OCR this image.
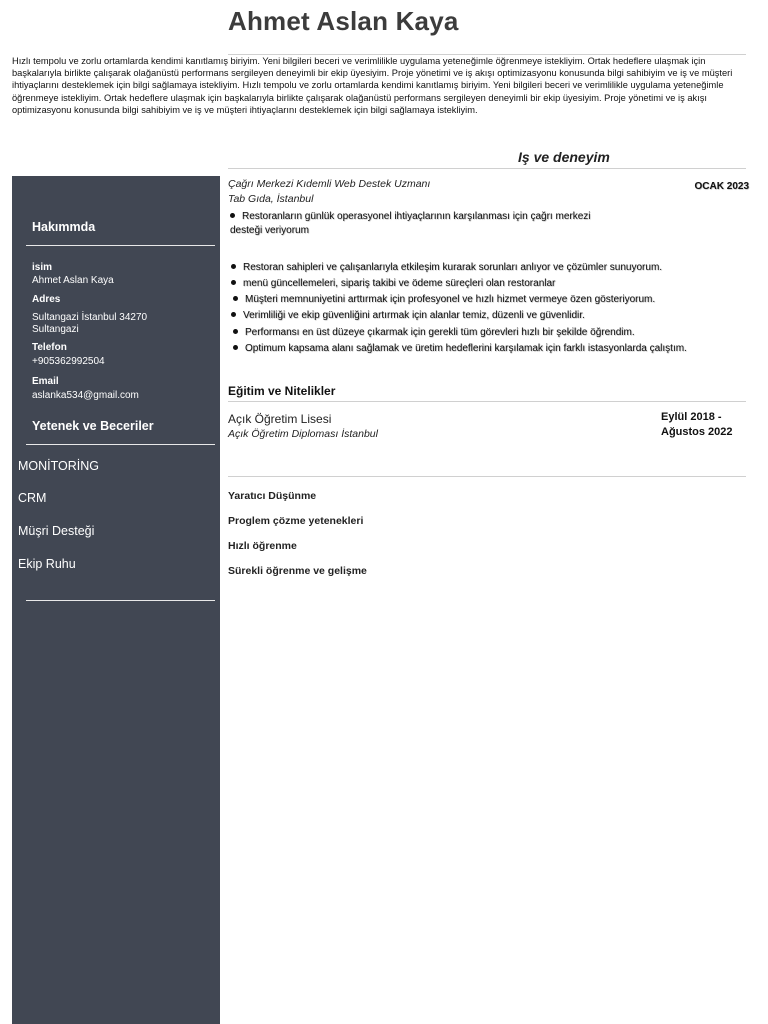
Ahmet Aslan Kaya

Hızlı tempolu ve zorlu ortamlarda kendimi kanıtlamış biriyim. Yeni bilgileri beceri ve verimlilikle uygulama yeteneğimle öğrenmeye istekliyim. Ortak hedeflere ulaşmak için başkalarıyla birlikte çalışarak olağanüstü performans sergileyen deneyimli bir ekip üyesiyim. Proje yönetimi ve iş akışı optimizasyonu konusunda bilgi sahibiyim ve iş ve müşteri ihtiyaçlarını desteklemek için bilgi sağlamaya istekliyim. Hızlı tempolu ve zorlu ortamlarda kendimi kanıtlamış biriyim. Yeni bilgileri beceri ve verimlilikle uygulama yeteneğimle öğrenmeye istekliyim. Ortak hedeflere ulaşmak için başkalarıyla birlikte çalışarak olağanüstü performans sergileyen deneyimli bir ekip üyesiyim. Proje yönetimi ve iş akışı optimizasyonu konusunda bilgi sahibiyim ve iş ve müşteri ihtiyaçlarını desteklemek için bilgi sağlamaya istekliyim.

Iş ve deneyim
Hakımmda
isim
Ahmet Aslan Kaya
Adres
Sultangazi İstanbul 34270
Sultangazi
Telefon
+905362992504
Email
aslanka534@gmail.com
Yetenek ve Beceriler
MONİTORİNG
CRM
Müşri Desteği
Ekip Ruhu
Çağrı Merkezi Kıdemli Web Destek Uzmanı	OCAK 2023
Tab Gıda, İstanbul
Restoranların günlük operasyonel ihtiyaçlarının karşılanması için çağrı merkezi
desteği veriyorum
Restoran sahipleri ve çalışanlarıyla etkileşim kurarak sorunları anlıyor ve çözümler sunuyorum.
menü güncellemeleri, sipariş takibi ve ödeme süreçleri olan restoranlar
Müşteri memnuniyetini arttırmak için profesyonel ve hızlı hizmet vermeye özen gösteriyorum.
Verimliliği ve ekip güvenliğini artırmak için alanlar temiz, düzenli ve güvenlidir.
Performansı en üst düzeye çıkarmak için gerekli tüm görevleri hızlı bir şekilde öğrendim.
Optimum kapsama alanı sağlamak ve üretim hedeflerini karşılamak için farklı istasyonlarda çalıştım.
Eğitim ve Nitelikler
Açık Öğretim Lisesi
Açık Öğretim Diploması İstanbul
Eylül 2018 -
Ağustos 2022
Yaratıcı Düşünme
Proglem çözme yetenekleri
Hızlı öğrenme
Sürekli öğrenme ve gelişme
